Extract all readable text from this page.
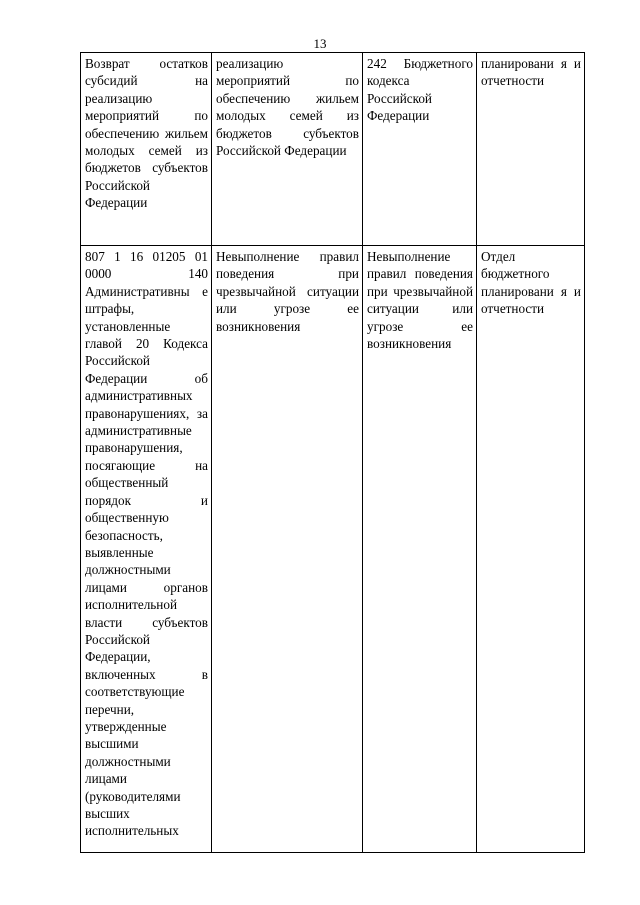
13
Возврат остатков субсидий на реализацию мероприятий по обеспечению жильем молодых семей из бюджетов субъектов Российской Федерации	реализацию мероприятий по обеспечению жильем молодых семей из бюджетов субъектов Российской Федерации	242 Бюджетного кодекса Российской Федерации	планировани я и отчетности

807 1 16 01205 01 0000 140 Административны е штрафы, установленные главой 20 Кодекса Российской Федерации об административных правонарушениях, за административные правонарушения, посягающие на общественный порядок и общественную безопасность, выявленные должностными лицами органов исполнительной власти субъектов Российской Федерации, включенных в соответствующие перечни, утвержденные высшими должностными лицами (руководителями высших исполнительных	Невыполнение правил поведения при чрезвычайной ситуации или угрозе ее возникновения	Невыполнение правил поведения при чрезвычайной ситуации или угрозе ее возникновения	Отдел бюджетного планировани я и отчетности
